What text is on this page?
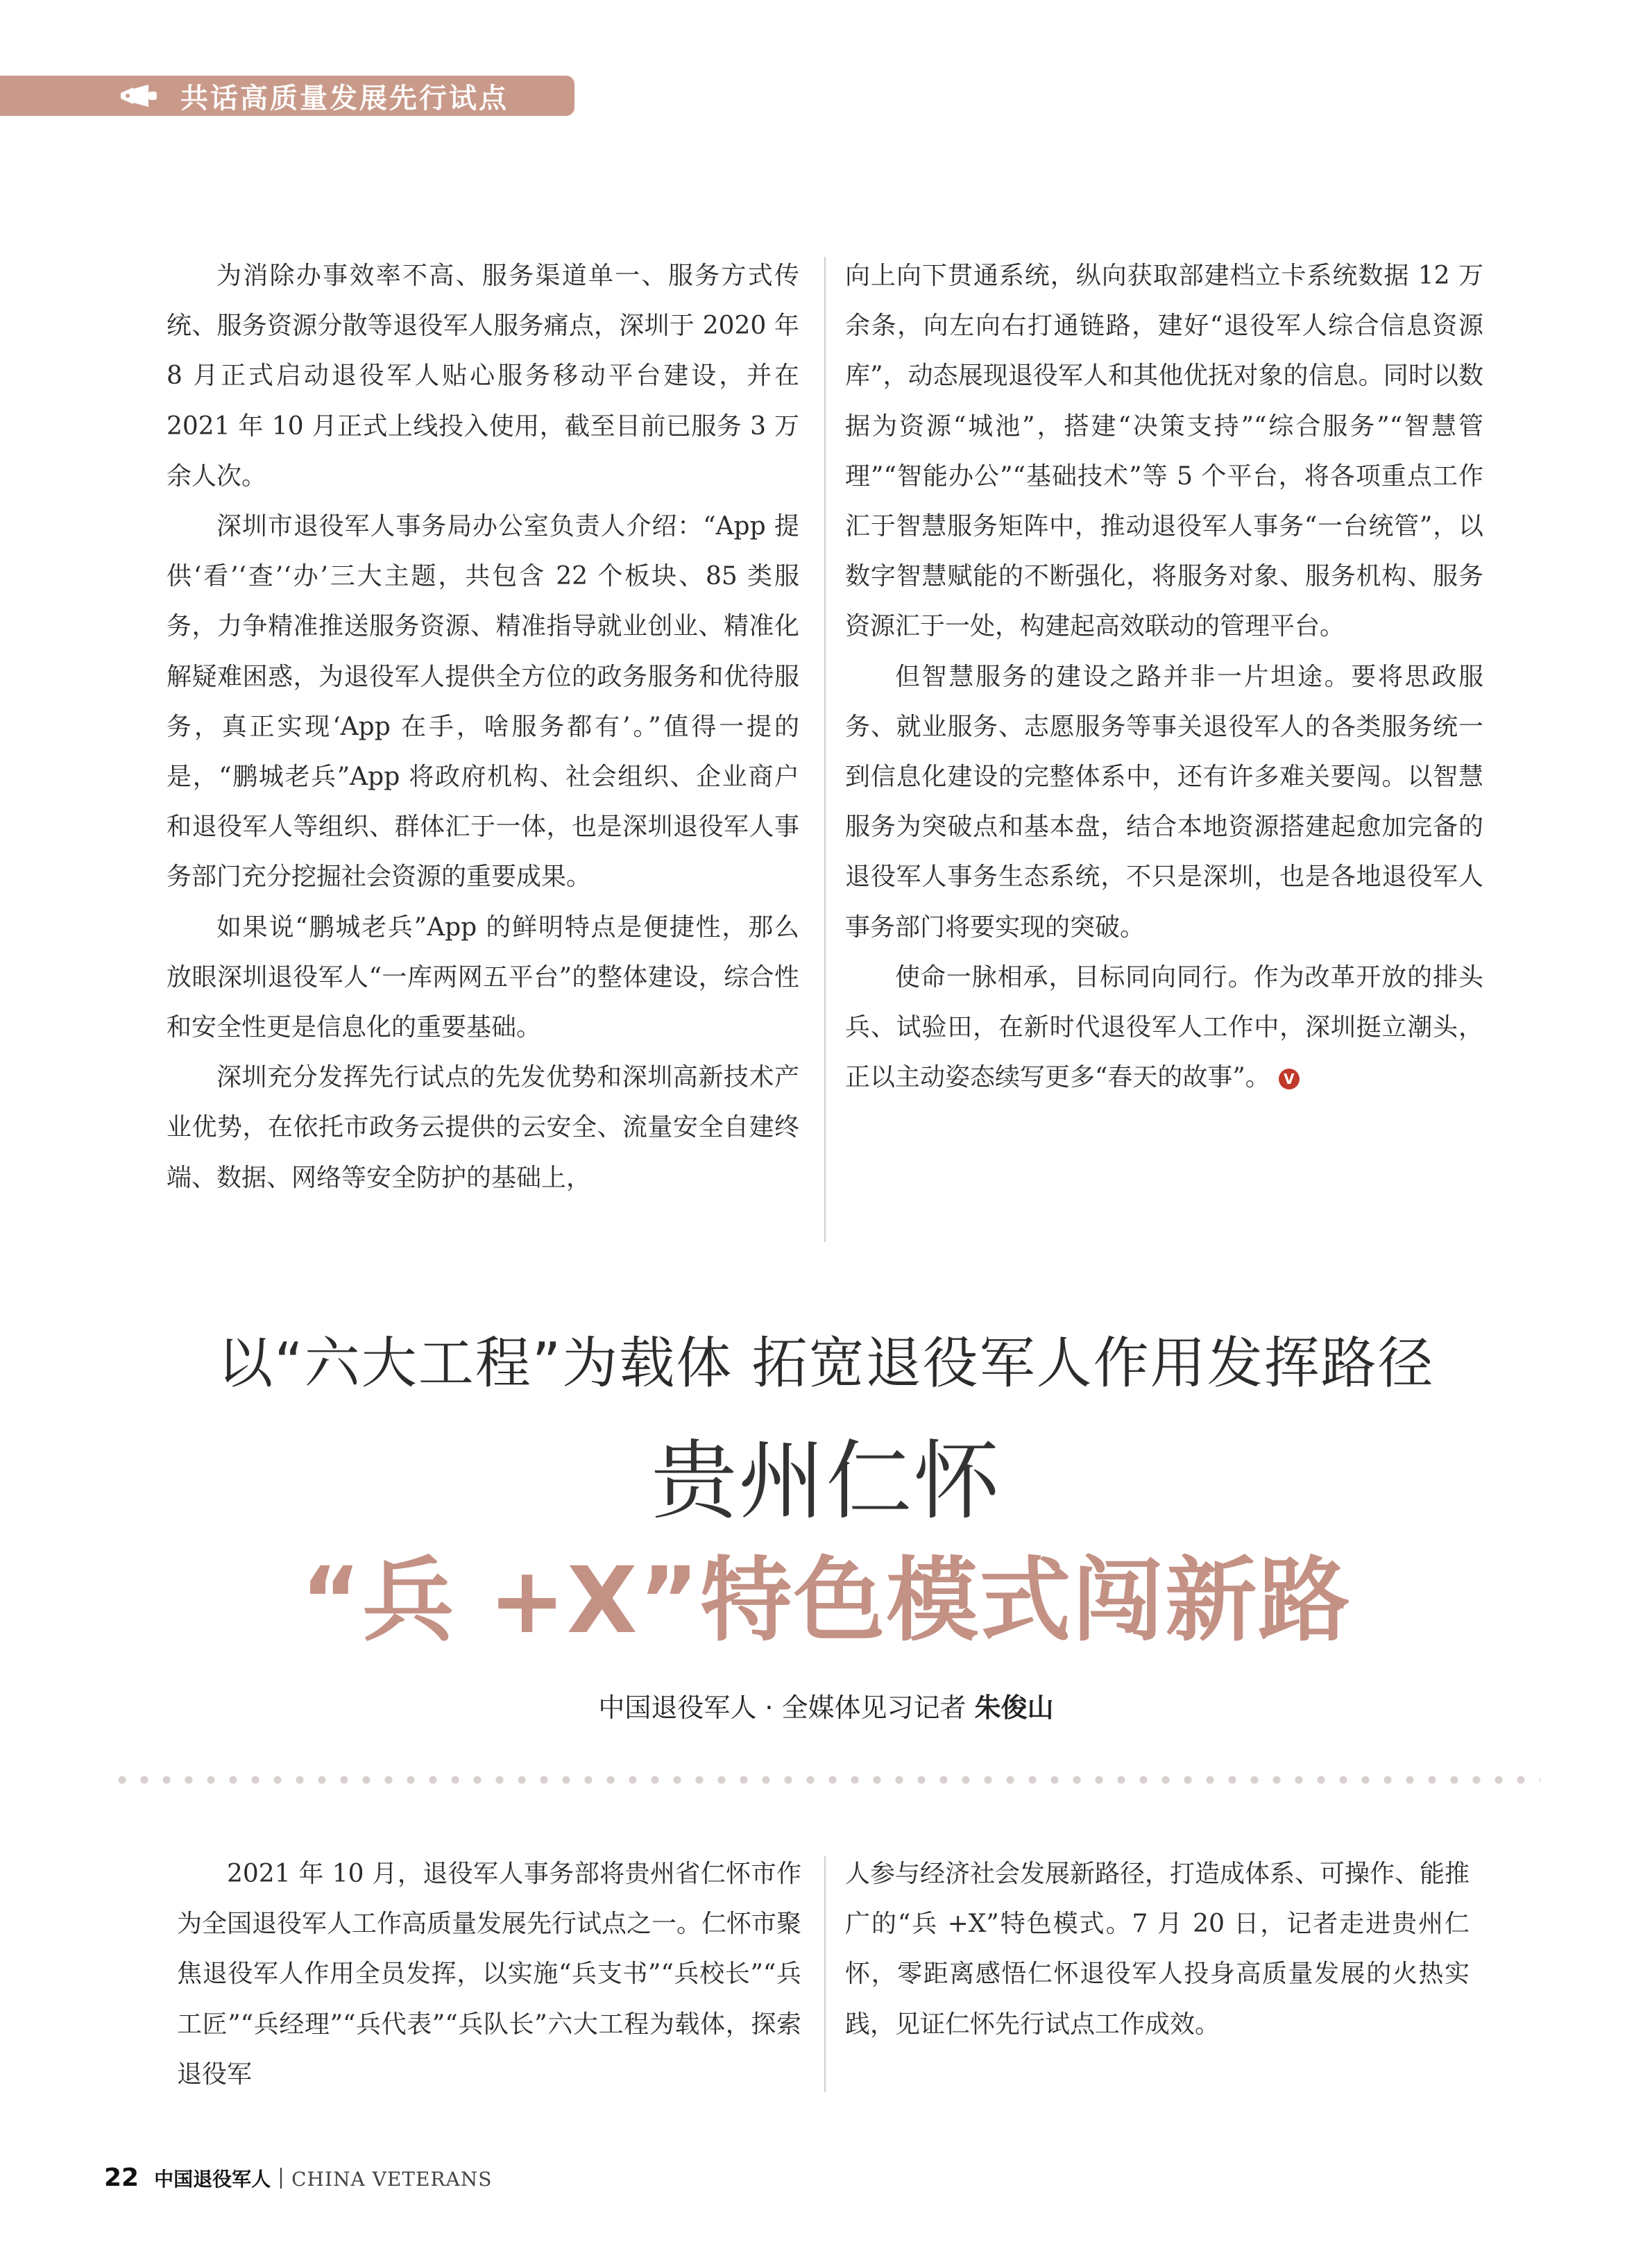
共话高质量发展先行试点

为消除办事效率不高、服务渠道单一、服务方式传统、服务资源分散等退役军人服务痛点，深圳于 2020 年 8 月正式启动退役军人贴心服务移动平台建设，并在 2021 年 10 月正式上线投入使用，截至目前已服务 3 万余人次。

深圳市退役军人事务局办公室负责人介绍：“App 提供‘看’‘查’‘办’三大主题，共包含 22 个板块、85 类服务，力争精准推送服务资源、精准指导就业创业、精准化解疑难困惑，为退役军人提供全方位的政务服务和优待服务，真正实现‘App 在手，啥服务都有’。”值得一提的是，“鹏城老兵”App 将政府机构、社会组织、企业商户和退役军人等组织、群体汇于一体，也是深圳退役军人事务部门充分挖掘社会资源的重要成果。

如果说“鹏城老兵”App 的鲜明特点是便捷性，那么放眼深圳退役军人“一库两网五平台”的整体建设，综合性和安全性更是信息化的重要基础。

深圳充分发挥先行试点的先发优势和深圳高新技术产业优势，在依托市政务云提供的云安全、流量安全自建终端、数据、网络等安全防护的基础上，

向上向下贯通系统，纵向获取部建档立卡系统数据 12 万余条，向左向右打通链路，建好“退役军人综合信息资源库”，动态展现退役军人和其他优抚对象的信息。同时以数据为资源“城池”，搭建“决策支持”“综合服务”“智慧管理”“智能办公”“基础技术”等 5 个平台，将各项重点工作汇于智慧服务矩阵中，推动退役军人事务“一台统管”，以数字智慧赋能的不断强化，将服务对象、服务机构、服务资源汇于一处，构建起高效联动的管理平台。

但智慧服务的建设之路并非一片坦途。要将思政服务、就业服务、志愿服务等事关退役军人的各类服务统一到信息化建设的完整体系中，还有许多难关要闯。以智慧服务为突破点和基本盘，结合本地资源搭建起愈加完备的退役军人事务生态系统，不只是深圳，也是各地退役军人事务部门将要实现的突破。

使命一脉相承，目标同向同行。作为改革开放的排头兵、试验田，在新时代退役军人工作中，深圳挺立潮头，正以主动姿态续写更多“春天的故事”。 V

以“六大工程”为载体 拓宽退役军人作用发挥路径
贵州仁怀
“兵 +X”特色模式闯新路
中国退役军人 · 全媒体见习记者 朱俊山

2021 年 10 月，退役军人事务部将贵州省仁怀市作为全国退役军人工作高质量发展先行试点之一。仁怀市聚焦退役军人作用全员发挥，以实施“兵支书”“兵校长”“兵工匠”“兵经理”“兵代表”“兵队长”六大工程为载体，探索退役军

人参与经济社会发展新路径，打造成体系、可操作、能推广的“兵 +X”特色模式。7 月 20 日，记者走进贵州仁怀，零距离感悟仁怀退役军人投身高质量发展的火热实践，见证仁怀先行试点工作成效。

22 中国退役军人 CHINA VETERANS
